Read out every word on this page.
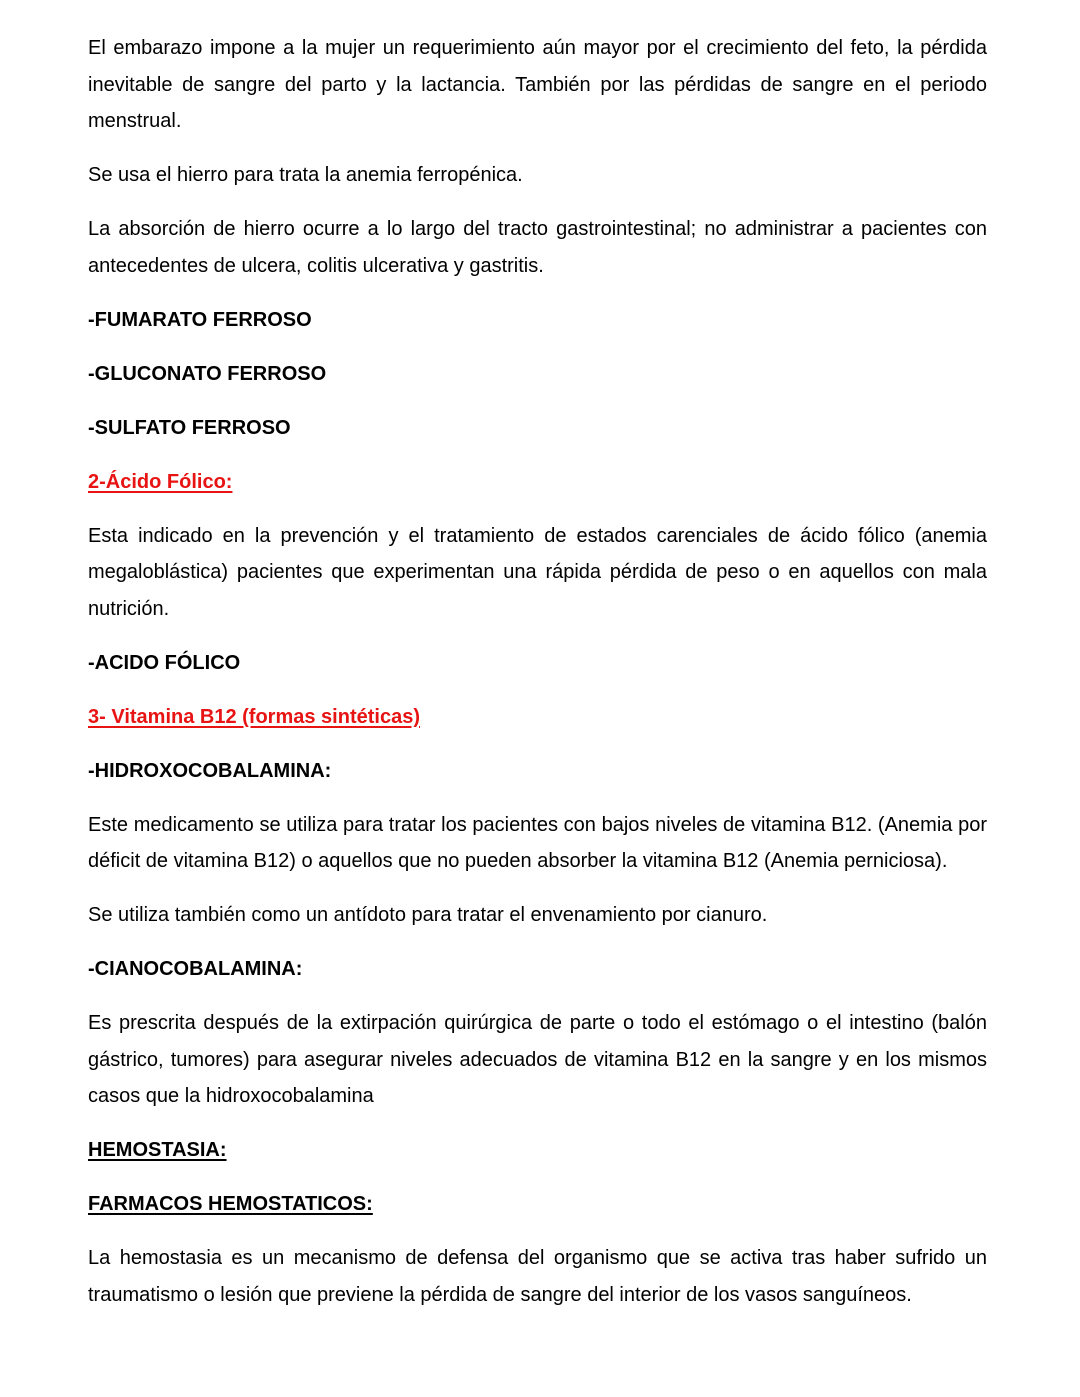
El embarazo impone a la mujer un requerimiento aún mayor por el crecimiento del feto, la pérdida inevitable de sangre del parto y la lactancia. También por las pérdidas de sangre en el periodo menstrual.

Se usa el hierro para trata la anemia ferropénica.

La absorción de hierro ocurre a lo largo del tracto gastrointestinal; no administrar a pacientes con antecedentes de ulcera, colitis ulcerativa y gastritis.

-FUMARATO FERROSO

-GLUCONATO FERROSO

-SULFATO FERROSO

2-Ácido Fólico:

Esta indicado en la prevención y el tratamiento de estados carenciales de ácido fólico (anemia megaloblástica) pacientes que experimentan una rápida pérdida de peso o en aquellos con mala nutrición.

-ACIDO FÓLICO

3- Vitamina B12 (formas sintéticas)

-HIDROXOCOBALAMINA:

Este medicamento se utiliza para tratar los pacientes con bajos niveles de vitamina B12. (Anemia por déficit de vitamina B12) o aquellos que no pueden absorber la vitamina B12 (Anemia perniciosa).

Se utiliza también como un antídoto para tratar el envenamiento por cianuro.

-CIANOCOBALAMINA:

Es prescrita después de la extirpación quirúrgica de parte o todo el estómago o el intestino (balón gástrico, tumores) para asegurar niveles adecuados de vitamina B12 en la sangre y en los mismos casos que la hidroxocobalamina

HEMOSTASIA:

FARMACOS HEMOSTATICOS:

La hemostasia es un mecanismo de defensa del organismo que se activa tras haber sufrido un traumatismo o lesión que previene la pérdida de sangre del interior de los vasos sanguíneos.
